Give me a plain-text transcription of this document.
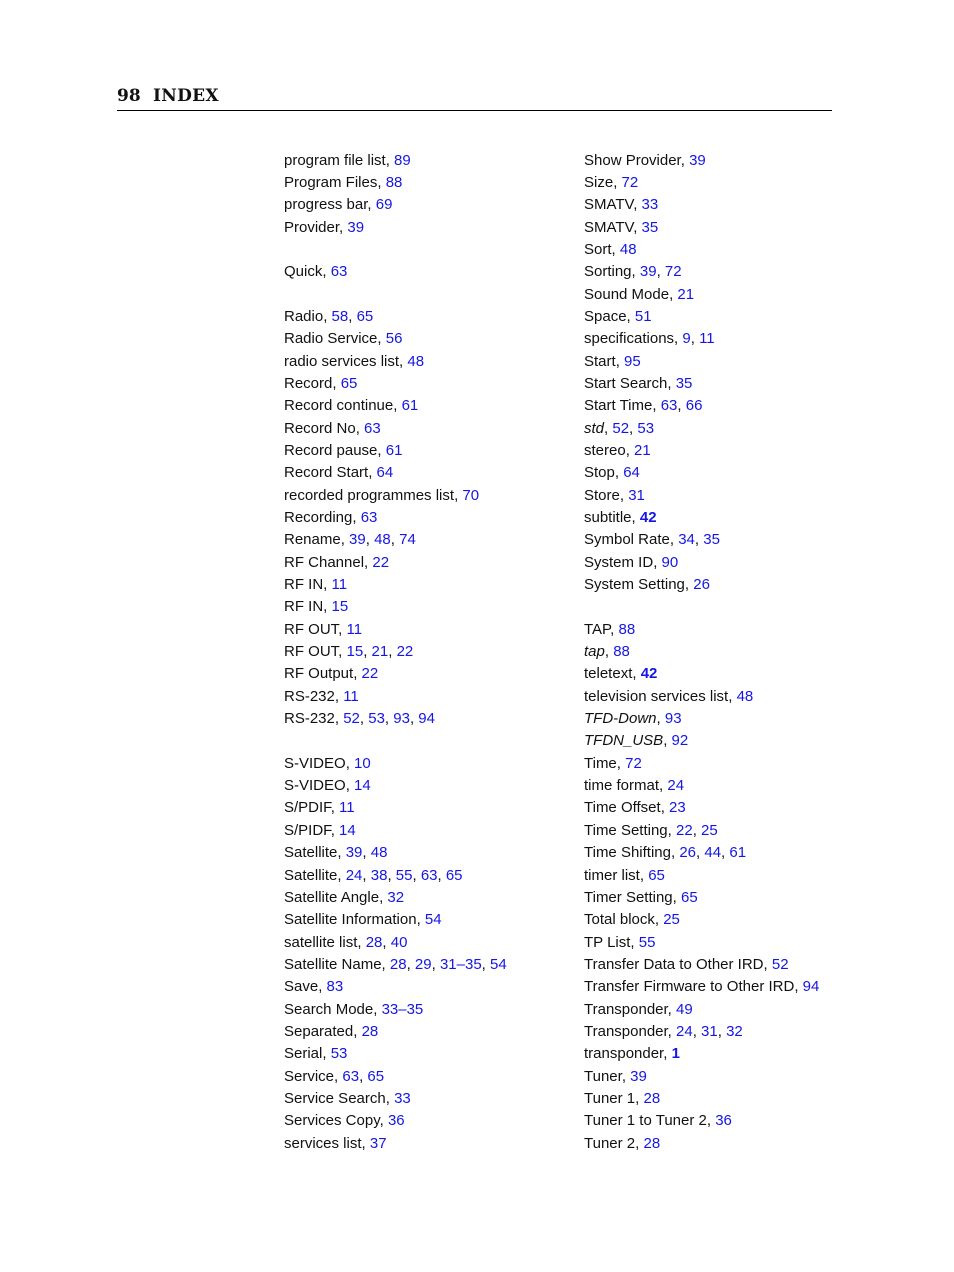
98 INDEX
program file list, 89
Program Files, 88
progress bar, 69
Provider, 39
Quick, 63
Radio, 58, 65
Radio Service, 56
radio services list, 48
Record, 65
Record continue, 61
Record No, 63
Record pause, 61
Record Start, 64
recorded programmes list, 70
Recording, 63
Rename, 39, 48, 74
RF Channel, 22
RF IN, 11
RF IN, 15
RF OUT, 11
RF OUT, 15, 21, 22
RF Output, 22
RS-232, 11
RS-232, 52, 53, 93, 94
S-VIDEO, 10
S-VIDEO, 14
S/PDIF, 11
S/PIDF, 14
Satellite, 39, 48
Satellite, 24, 38, 55, 63, 65
Satellite Angle, 32
Satellite Information, 54
satellite list, 28, 40
Satellite Name, 28, 29, 31–35, 54
Save, 83
Search Mode, 33–35
Separated, 28
Serial, 53
Service, 63, 65
Service Search, 33
Services Copy, 36
services list, 37
Show Provider, 39
Size, 72
SMATV, 33
SMATV, 35
Sort, 48
Sorting, 39, 72
Sound Mode, 21
Space, 51
specifications, 9, 11
Start, 95
Start Search, 35
Start Time, 63, 66
std, 52, 53
stereo, 21
Stop, 64
Store, 31
subtitle, 42
Symbol Rate, 34, 35
System ID, 90
System Setting, 26
TAP, 88
tap, 88
teletext, 42
television services list, 48
TFD-Down, 93
TFDN_USB, 92
Time, 72
time format, 24
Time Offset, 23
Time Setting, 22, 25
Time Shifting, 26, 44, 61
timer list, 65
Timer Setting, 65
Total block, 25
TP List, 55
Transfer Data to Other IRD, 52
Transfer Firmware to Other IRD, 94
Transponder, 49
Transponder, 24, 31, 32
transponder, 1
Tuner, 39
Tuner 1, 28
Tuner 1 to Tuner 2, 36
Tuner 2, 28
